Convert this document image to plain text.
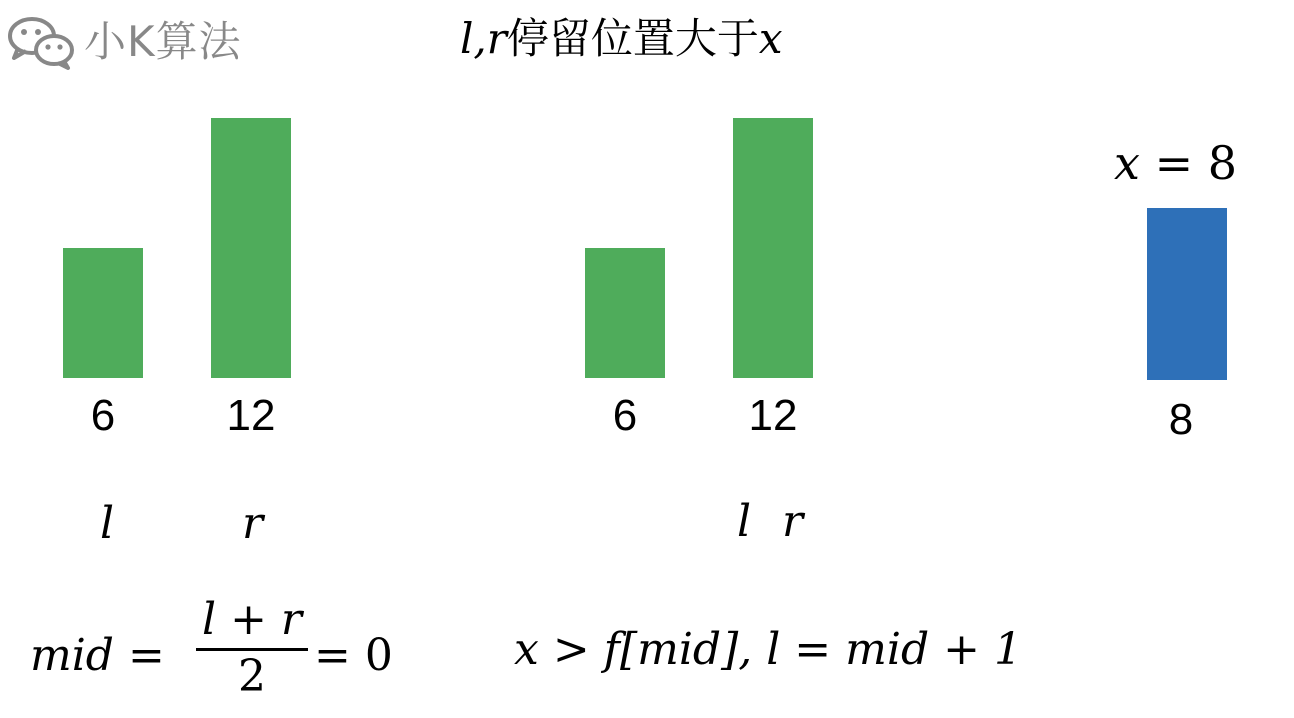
小K算法	l,r停留位置大于x
6	12
l	r
6	12
l r
x = 8
8
mid =
l + r
2	= 0	x > f[mid], l = mid + 1
